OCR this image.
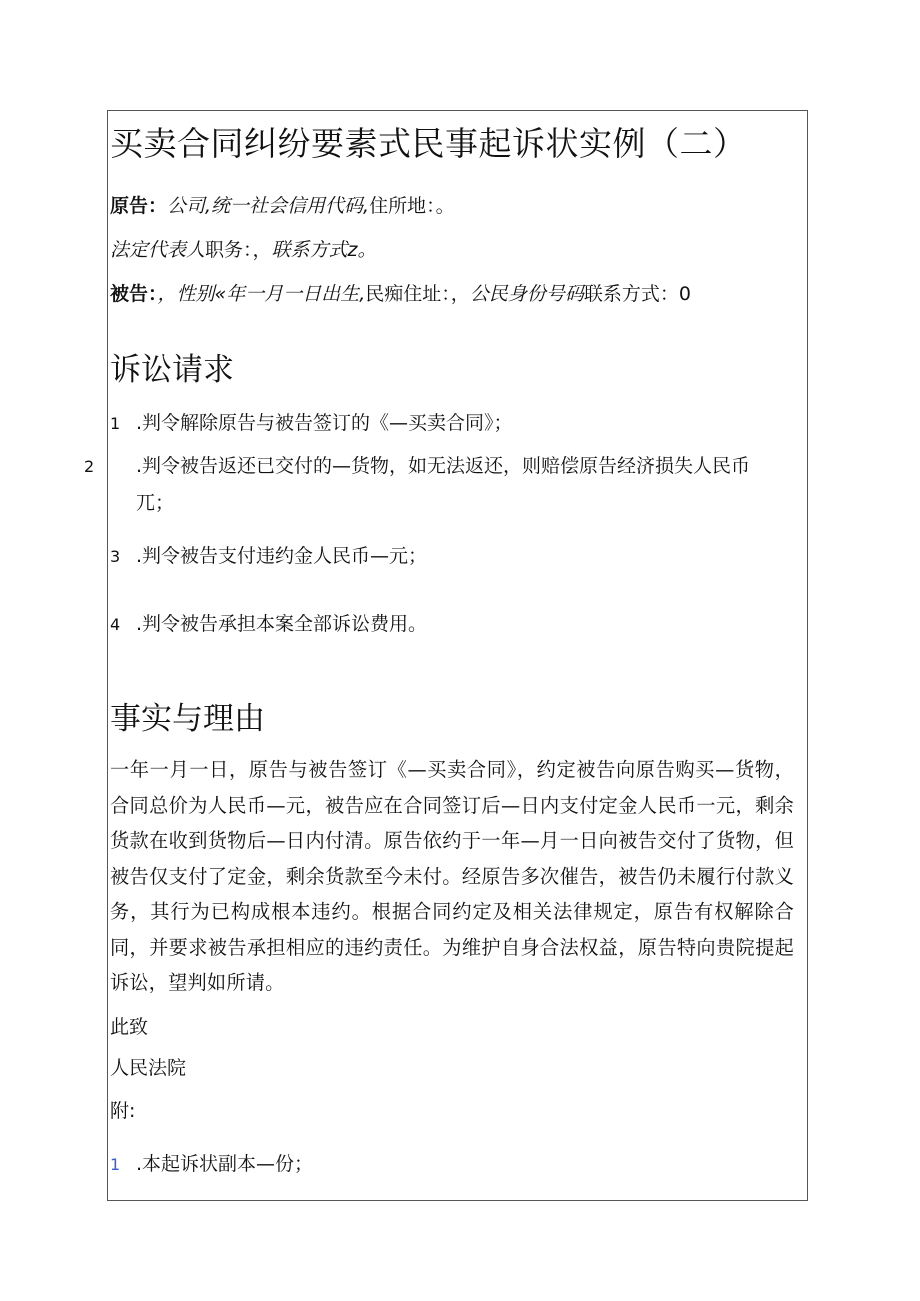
买卖合同纠纷要素式民事起诉状实例（二）
原告：公司,统一社会信用代码,住所地：。
法定代表人职务：，联系方式z。
被告：，性别«年一月一日出生,民痴住址：，公民身份号码联系方式：0
诉讼请求
1 .判令解除原告与被告签订的《—买卖合同》；
2 .判令被告返还已交付的—货物，如无法返还，则赔偿原告经济损失人民币
兀；
3 .判令被告支付违约金人民币—元；
4 .判令被告承担本案全部诉讼费用。
事实与理由
一年一月一日，原告与被告签订《—买卖合同》，约定被告向原告购买—货物，合同总价为人民币—元，被告应在合同签订后—日内支付定金人民币一元，剩余货款在收到货物后—日内付清。原告依约于一年—月一日向被告交付了货物，但被告仅支付了定金，剩余货款至今未付。经原告多次催告，被告仍未履行付款义务，其行为已构成根本违约。根据合同约定及相关法律规定，原告有权解除合同，并要求被告承担相应的违约责任。为维护自身合法权益，原告特向贵院提起诉讼，望判如所请。
此致
人民法院
附:
1 .本起诉状副本—份；
